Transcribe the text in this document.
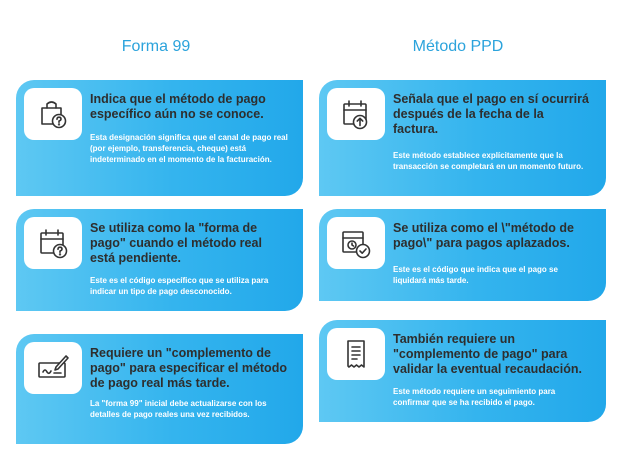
Forma 99	Método PPD
Indica que el método de pago específico aún no se conoce.
Esta designación significa que el canal de pago real (por ejemplo, transferencia, cheque) está indeterminado en el momento de la facturación.
Se utiliza como la "forma de pago" cuando el método real está pendiente.
Este es el código específico que se utiliza para indicar un tipo de pago desconocido.
Requiere un "complemento de pago" para especificar el método de pago real más tarde.
La "forma 99" inicial debe actualizarse con los detalles de pago reales una vez recibidos.
Señala que el pago en sí ocurrirá después de la fecha de la factura.
Este método establece explícitamente que la transacción se completará en un momento futuro.
Se utiliza como el \"método de pago\" para pagos aplazados.
Este es el código que indica que el pago se liquidará más tarde.
También requiere un "complemento de pago" para validar la eventual recaudación.
Este método requiere un seguimiento para confirmar que se ha recibido el pago.
